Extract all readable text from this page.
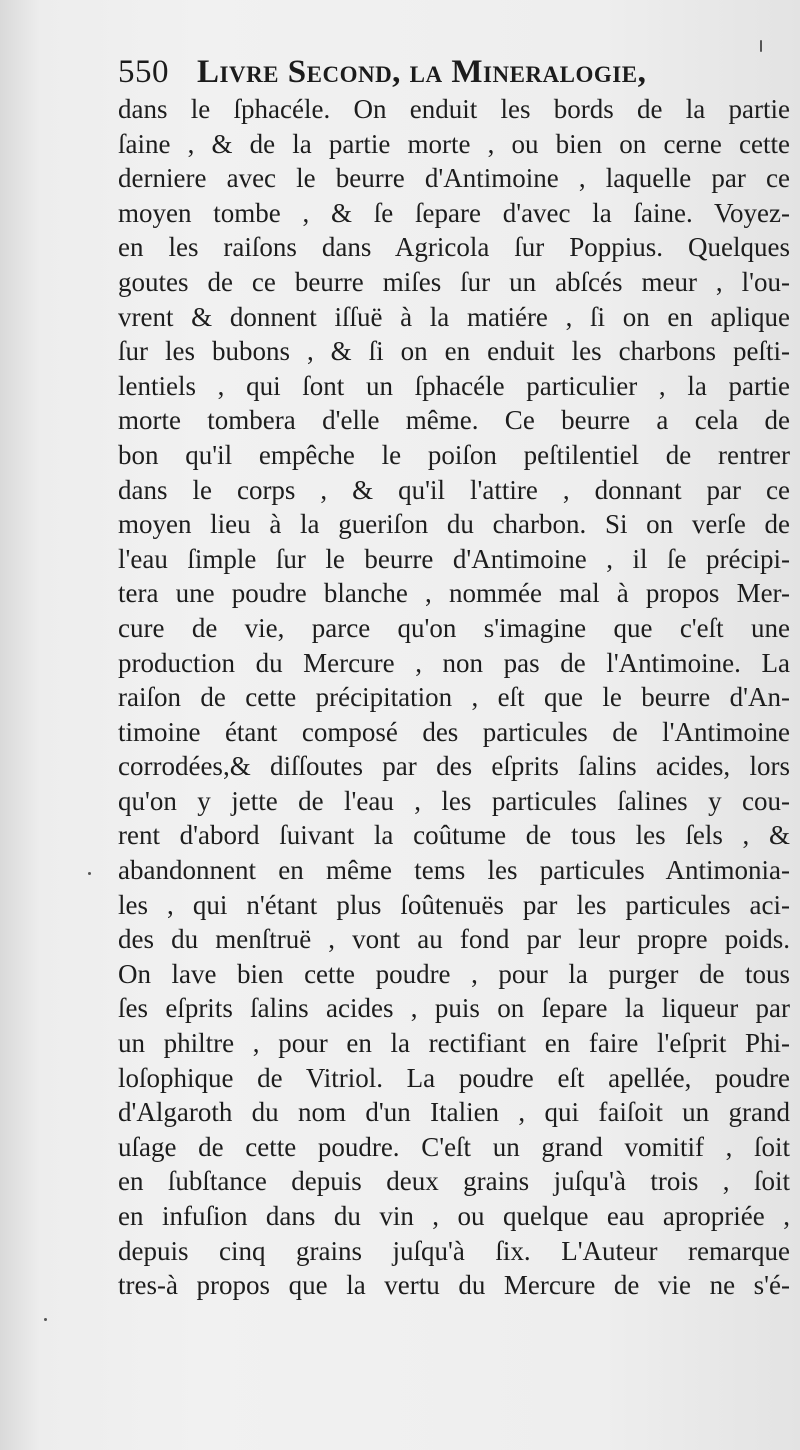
550 Livre Second, la Mineralogie,
dans le ſphacéle. On enduit les bords de la partie
ſaine , & de la partie morte , ou bien on cerne cette
derniere avec le beurre d'Antimoine , laquelle par ce
moyen tombe , & ſe ſepare d'avec la ſaine. Voyez-
en les raiſons dans Agricola ſur Poppius. Quelques
goutes de ce beurre miſes ſur un abſcés meur , l'ou-
vrent & donnent iſſuë à la matiére , ſi on en aplique
ſur les bubons , & ſi on en enduit les charbons peſti-
lentiels , qui ſont un ſphacéle particulier , la partie
morte tombera d'elle même. Ce beurre a cela de
bon qu'il empêche le poiſon peſtilentiel de rentrer
dans le corps , & qu'il l'attire , donnant par ce
moyen lieu à la gueriſon du charbon. Si on verſe de
l'eau ſimple ſur le beurre d'Antimoine , il ſe précipi-
tera une poudre blanche , nommée mal à propos Mer-
cure de vie, parce qu'on s'imagine que c'eſt une
production du Mercure , non pas de l'Antimoine. La
raiſon de cette précipitation , eſt que le beurre d'An-
timoine étant composé des particules de l'Antimoine
corrodées,& diſſoutes par des eſprits ſalins acides, lors
qu'on y jette de l'eau , les particules ſalines y cou-
rent d'abord ſuivant la coûtume de tous les ſels , &
abandonnent en même tems les particules Antimonia-
les , qui n'étant plus ſoûtenuës par les particules aci-
des du menſtruë , vont au fond par leur propre poids.
On lave bien cette poudre , pour la purger de tous
ſes eſprits ſalins acides , puis on ſepare la liqueur par
un philtre , pour en la rectifiant en faire l'eſprit Phi-
loſophique de Vitriol. La poudre eſt apellée, poudre
d'Algaroth du nom d'un Italien , qui faiſoit un grand
uſage de cette poudre. C'eſt un grand vomitif , ſoit
en ſubſtance depuis deux grains juſqu'à trois , ſoit
en infuſion dans du vin , ou quelque eau apropriée ,
depuis cinq grains juſqu'à ſix. L'Auteur remarque
tres-à propos que la vertu du Mercure de vie ne s'é-
